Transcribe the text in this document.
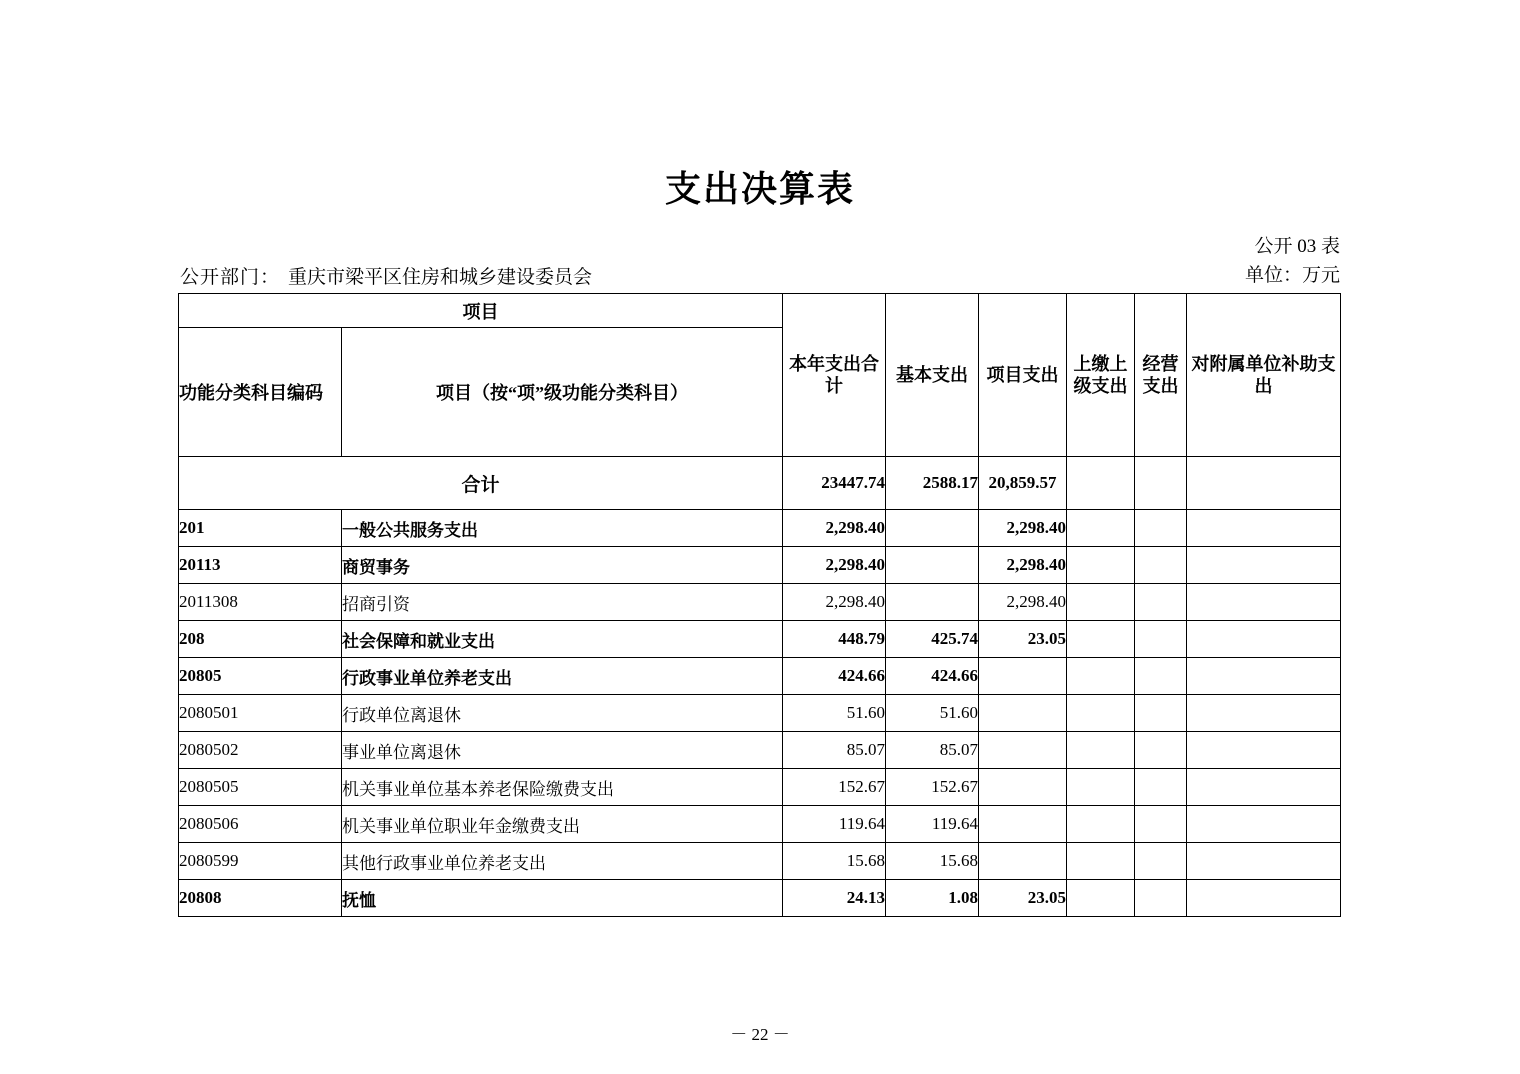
支出决算表
公开 03 表
单位：万元
公开部门： 重庆市梁平区住房和城乡建设委员会
项目		本年支出合计	基本支出	项目支出	上缴上级支出	经营支出	对附属单位补助支出
功能分类科目编码	项目（按“项”级功能分类科目）						
合计		23447.74	2588.17	20,859.57			
201	一般公共服务支出	2,298.40		2,298.40			
20113	商贸事务	2,298.40		2,298.40			
2011308	招商引资	2,298.40		2,298.40			
208	社会保障和就业支出	448.79	425.74	23.05			
20805	行政事业单位养老支出	424.66	424.66				
2080501	行政单位离退休	51.60	51.60				
2080502	事业单位离退休	85.07	85.07				
2080505	机关事业单位基本养老保险缴费支出	152.67	152.67				
2080506	机关事业单位职业年金缴费支出	119.64	119.64				
2080599	其他行政事业单位养老支出	15.68	15.68				
20808	抚恤	24.13	1.08	23.05			
－ 22 －
